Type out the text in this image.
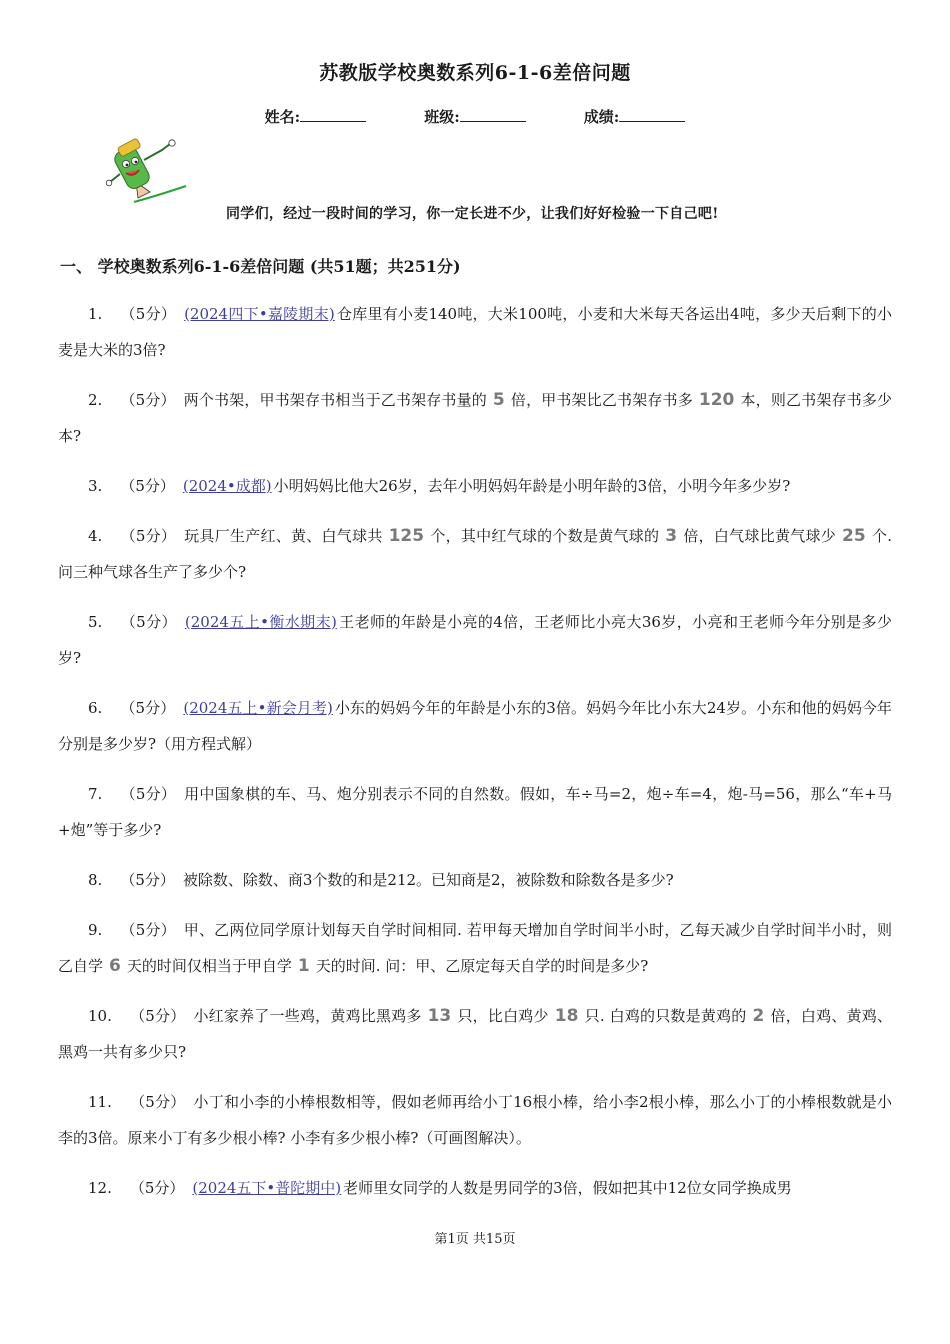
苏教版学校奥数系列6-1-6差倍问题
姓名:	班级:	成绩:
同学们，经过一段时间的学习，你一定长进不少，让我们好好检验一下自己吧!
一、 学校奥数系列6-1-6差倍问题 (共51题；共251分)
1. （5分） (2024四下•嘉陵期末) 仓库里有小麦140吨，大米100吨，小麦和大米每天各运出4吨，多少天后剩下的小麦是大米的3倍?
2. （5分） 两个书架，甲书架存书相当于乙书架存书量的 5 倍，甲书架比乙书架存书多 120 本，则乙书架存书多少本?
3. （5分） (2024•成都) 小明妈妈比他大26岁，去年小明妈妈年龄是小明年龄的3倍，小明今年多少岁?
4. （5分） 玩具厂生产红、黄、白气球共 125 个，其中红气球的个数是黄气球的 3 倍，白气球比黄气球少 25 个. 问三种气球各生产了多少个?
5. （5分） (2024五上•衡水期末) 王老师的年龄是小亮的4倍，王老师比小亮大36岁，小亮和王老师今年分别是多少岁?
6. （5分） (2024五上•新会月考) 小东的妈妈今年的年龄是小东的3倍。妈妈今年比小东大24岁。小东和他的妈妈今年分别是多少岁?（用方程式解）
7. （5分） 用中国象棋的车、马、炮分别表示不同的自然数。假如，车÷马=2，炮÷车=4，炮-马=56，那么“车+马+炮”等于多少?
8. （5分） 被除数、除数、商3个数的和是212。已知商是2，被除数和除数各是多少?
9. （5分） 甲、乙两位同学原计划每天自学时间相同. 若甲每天增加自学时间半小时，乙每天减少自学时间半小时，则乙自学 6 天的时间仅相当于甲自学 1 天的时间. 问：甲、乙原定每天自学的时间是多少?
10. （5分） 小红家养了一些鸡，黄鸡比黑鸡多 13 只，比白鸡少 18 只. 白鸡的只数是黄鸡的 2 倍，白鸡、黄鸡、黑鸡一共有多少只?
11. （5分） 小丁和小李的小棒根数相等，假如老师再给小丁16根小棒，给小李2根小棒，那么小丁的小棒根数就是小李的3倍。原来小丁有多少根小棒? 小李有多少根小棒?（可画图解决）。
12. （5分） (2024五下•普陀期中) 老师里女同学的人数是男同学的3倍，假如把其中12位女同学换成男
第1页 共15页
